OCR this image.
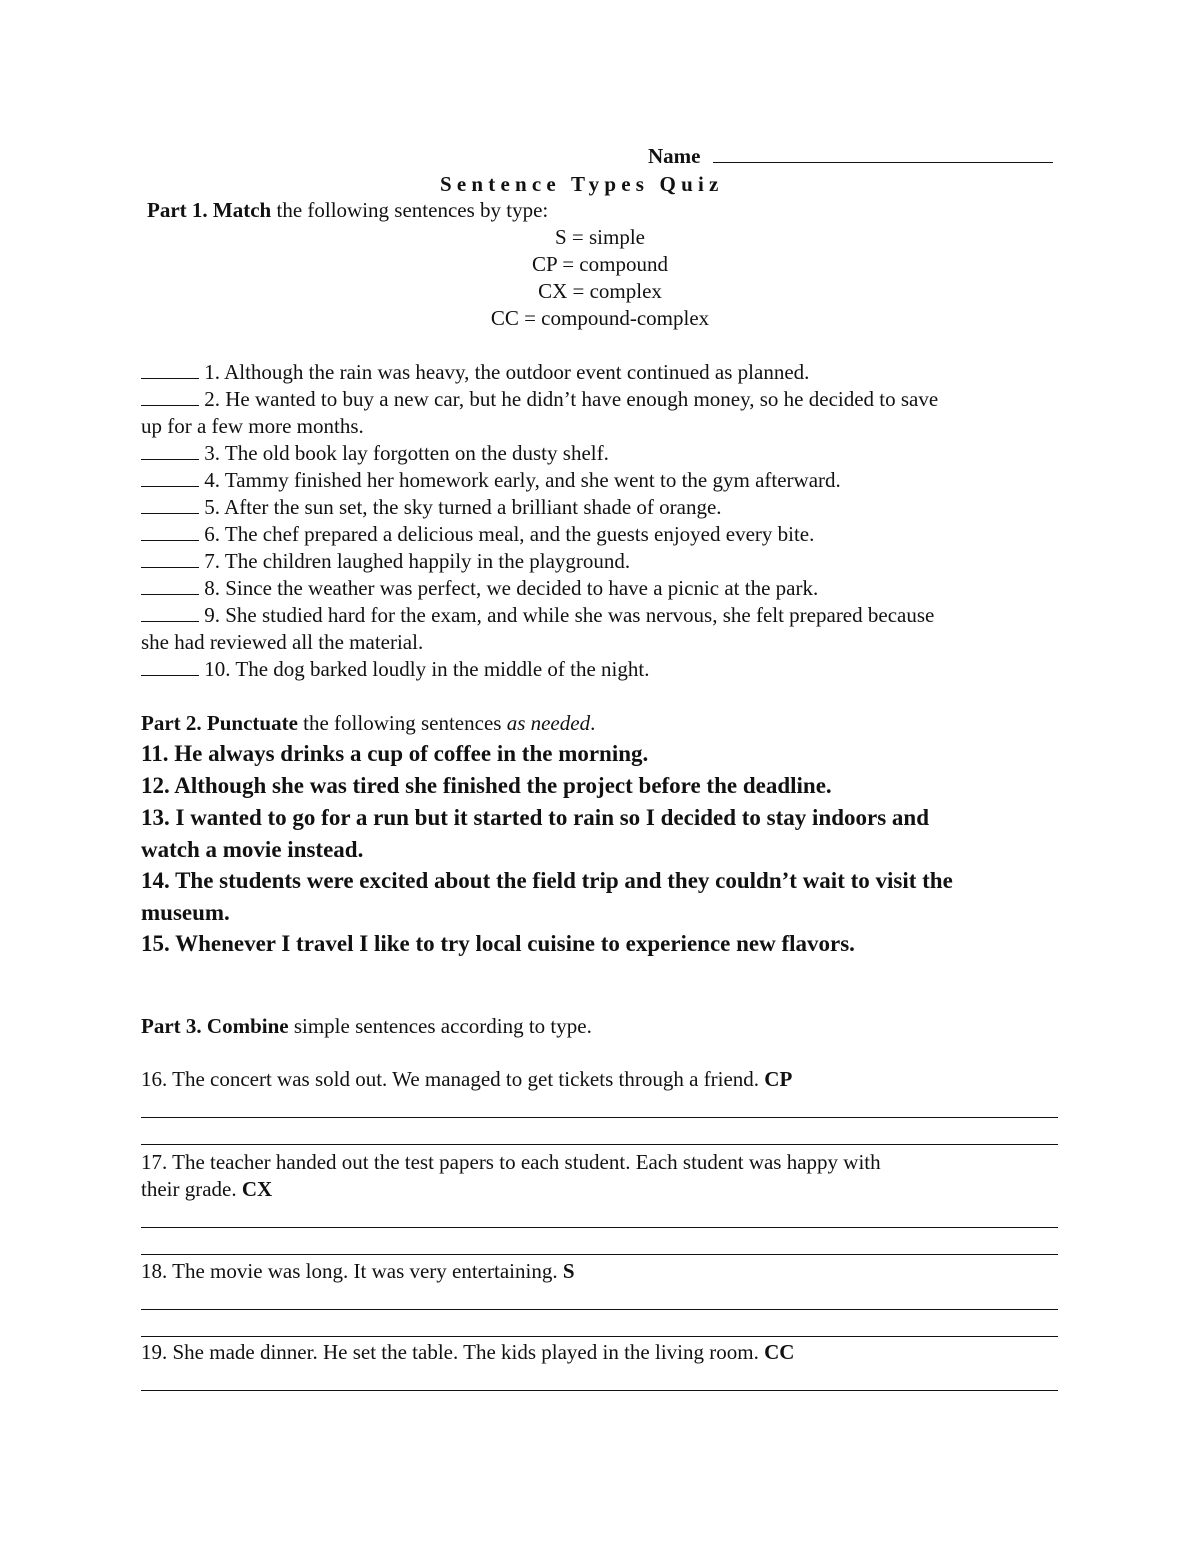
Name
Sentence Types Quiz
Part 1. Match the following sentences by type:
S = simple
CP = compound
CX = complex
CC = compound-complex
1. Although the rain was heavy, the outdoor event continued as planned.
2. He wanted to buy a new car, but he didn’t have enough money, so he decided to save
up for a few more months.
3. The old book lay forgotten on the dusty shelf.
4. Tammy finished her homework early, and she went to the gym afterward.
5. After the sun set, the sky turned a brilliant shade of orange.
6. The chef prepared a delicious meal, and the guests enjoyed every bite.
7. The children laughed happily in the playground.
8. Since the weather was perfect, we decided to have a picnic at the park.
9. She studied hard for the exam, and while she was nervous, she felt prepared because
she had reviewed all the material.
10. The dog barked loudly in the middle of the night.
Part 2. Punctuate the following sentences as needed.
11. He always drinks a cup of coffee in the morning.
12. Although she was tired she finished the project before the deadline.
13. I wanted to go for a run but it started to rain so I decided to stay indoors and
watch a movie instead.
14. The students were excited about the field trip and they couldn’t wait to visit the
museum.
15. Whenever I travel I like to try local cuisine to experience new flavors.
Part 3. Combine simple sentences according to type.
16. The concert was sold out. We managed to get tickets through a friend. CP
17. The teacher handed out the test papers to each student. Each student was happy with
their grade. CX
18. The movie was long. It was very entertaining. S
19. She made dinner. He set the table. The kids played in the living room. CC
